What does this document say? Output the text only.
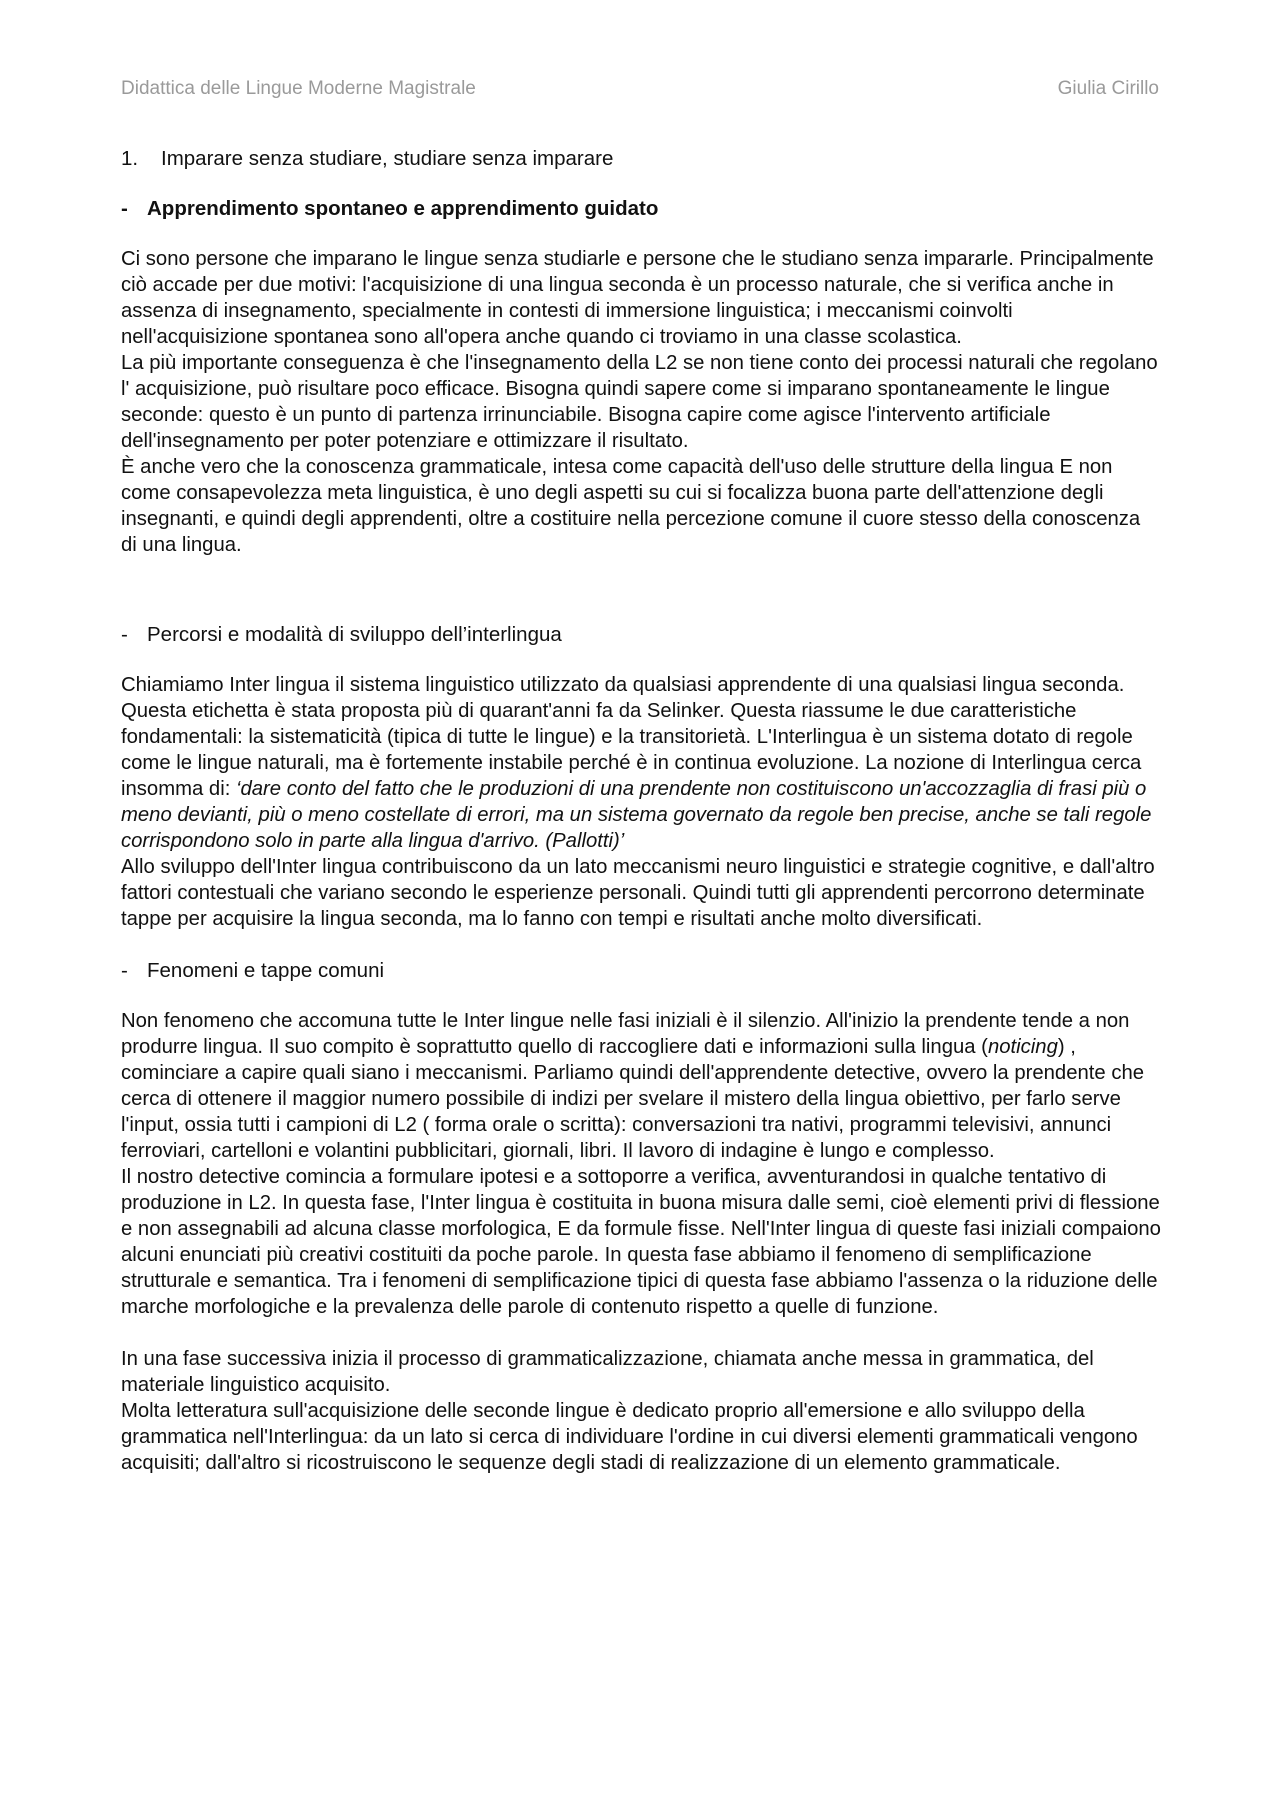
Didattica delle Lingue Moderne Magistrale	Giulia Cirillo

1. Imparare senza studiare, studiare senza imparare

- Apprendimento spontaneo e apprendimento guidato

Ci sono persone che imparano le lingue senza studiarle e persone che le studiano senza impararle. Principalmente ciò accade per due motivi: l'acquisizione di una lingua seconda è un processo naturale, che si verifica anche in assenza di insegnamento, specialmente in contesti di immersione linguistica; i meccanismi coinvolti nell'acquisizione spontanea sono all'opera anche quando ci troviamo in una classe scolastica.

La più importante conseguenza è che l'insegnamento della L2 se non tiene conto dei processi naturali che regolano l' acquisizione, può risultare poco efficace. Bisogna quindi sapere come si imparano spontaneamente le lingue seconde: questo è un punto di partenza irrinunciabile. Bisogna capire come agisce l'intervento artificiale dell'insegnamento per poter potenziare e ottimizzare il risultato.

È anche vero che la conoscenza grammaticale, intesa come capacità dell'uso delle strutture della lingua E non come consapevolezza meta linguistica, è uno degli aspetti su cui si focalizza buona parte dell'attenzione degli insegnanti, e quindi degli apprendenti, oltre a costituire nella percezione comune il cuore stesso della conoscenza di una lingua.

- Percorsi e modalità di sviluppo dell’interlingua

Chiamiamo Inter lingua il sistema linguistico utilizzato da qualsiasi apprendente di una qualsiasi lingua seconda. Questa etichetta è stata proposta più di quarant'anni fa da Selinker. Questa riassume le due caratteristiche fondamentali: la sistematicità (tipica di tutte le lingue) e la transitorietà. L'Interlingua è un sistema dotato di regole come le lingue naturali, ma è fortemente instabile perché è in continua evoluzione. La nozione di Interlingua cerca insomma di: ‘dare conto del fatto che le produzioni di una prendente non costituiscono un'accozzaglia di frasi più o meno devianti, più o meno costellate di errori, ma un sistema governato da regole ben precise, anche se tali regole corrispondono solo in parte alla lingua d'arrivo. (Pallotti)’

Allo sviluppo dell'Inter lingua contribuiscono da un lato meccanismi neuro linguistici e strategie cognitive, e dall'altro fattori contestuali che variano secondo le esperienze personali. Quindi tutti gli apprendenti percorrono determinate tappe per acquisire la lingua seconda, ma lo fanno con tempi e risultati anche molto diversificati.

- Fenomeni e tappe comuni

Non fenomeno che accomuna tutte le Inter lingue nelle fasi iniziali è il silenzio. All'inizio la prendente tende a non produrre lingua. Il suo compito è soprattutto quello di raccogliere dati e informazioni sulla lingua (noticing) , cominciare a capire quali siano i meccanismi. Parliamo quindi dell'apprendente detective, ovvero la prendente che cerca di ottenere il maggior numero possibile di indizi per svelare il mistero della lingua obiettivo, per farlo serve l'input, ossia tutti i campioni di L2 ( forma orale o scritta): conversazioni tra nativi, programmi televisivi, annunci ferroviari, cartelloni e volantini pubblicitari, giornali, libri. Il lavoro di indagine è lungo e complesso.

Il nostro detective comincia a formulare ipotesi e a sottoporre a verifica, avventurandosi in qualche tentativo di produzione in L2. In questa fase, l'Inter lingua è costituita in buona misura dalle semi, cioè elementi privi di flessione e non assegnabili ad alcuna classe morfologica, E da formule fisse. Nell'Inter lingua di queste fasi iniziali compaiono alcuni enunciati più creativi costituiti da poche parole. In questa fase abbiamo il fenomeno di semplificazione strutturale e semantica. Tra i fenomeni di semplificazione tipici di questa fase abbiamo l'assenza o la riduzione delle marche morfologiche e la prevalenza delle parole di contenuto rispetto a quelle di funzione.

In una fase successiva inizia il processo di grammaticalizzazione, chiamata anche messa in grammatica, del materiale linguistico acquisito.

Molta letteratura sull'acquisizione delle seconde lingue è dedicato proprio all'emersione e allo sviluppo della grammatica nell'Interlingua: da un lato si cerca di individuare l'ordine in cui diversi elementi grammaticali vengono acquisiti; dall'altro si ricostruiscono le sequenze degli stadi di realizzazione di un elemento grammaticale.
